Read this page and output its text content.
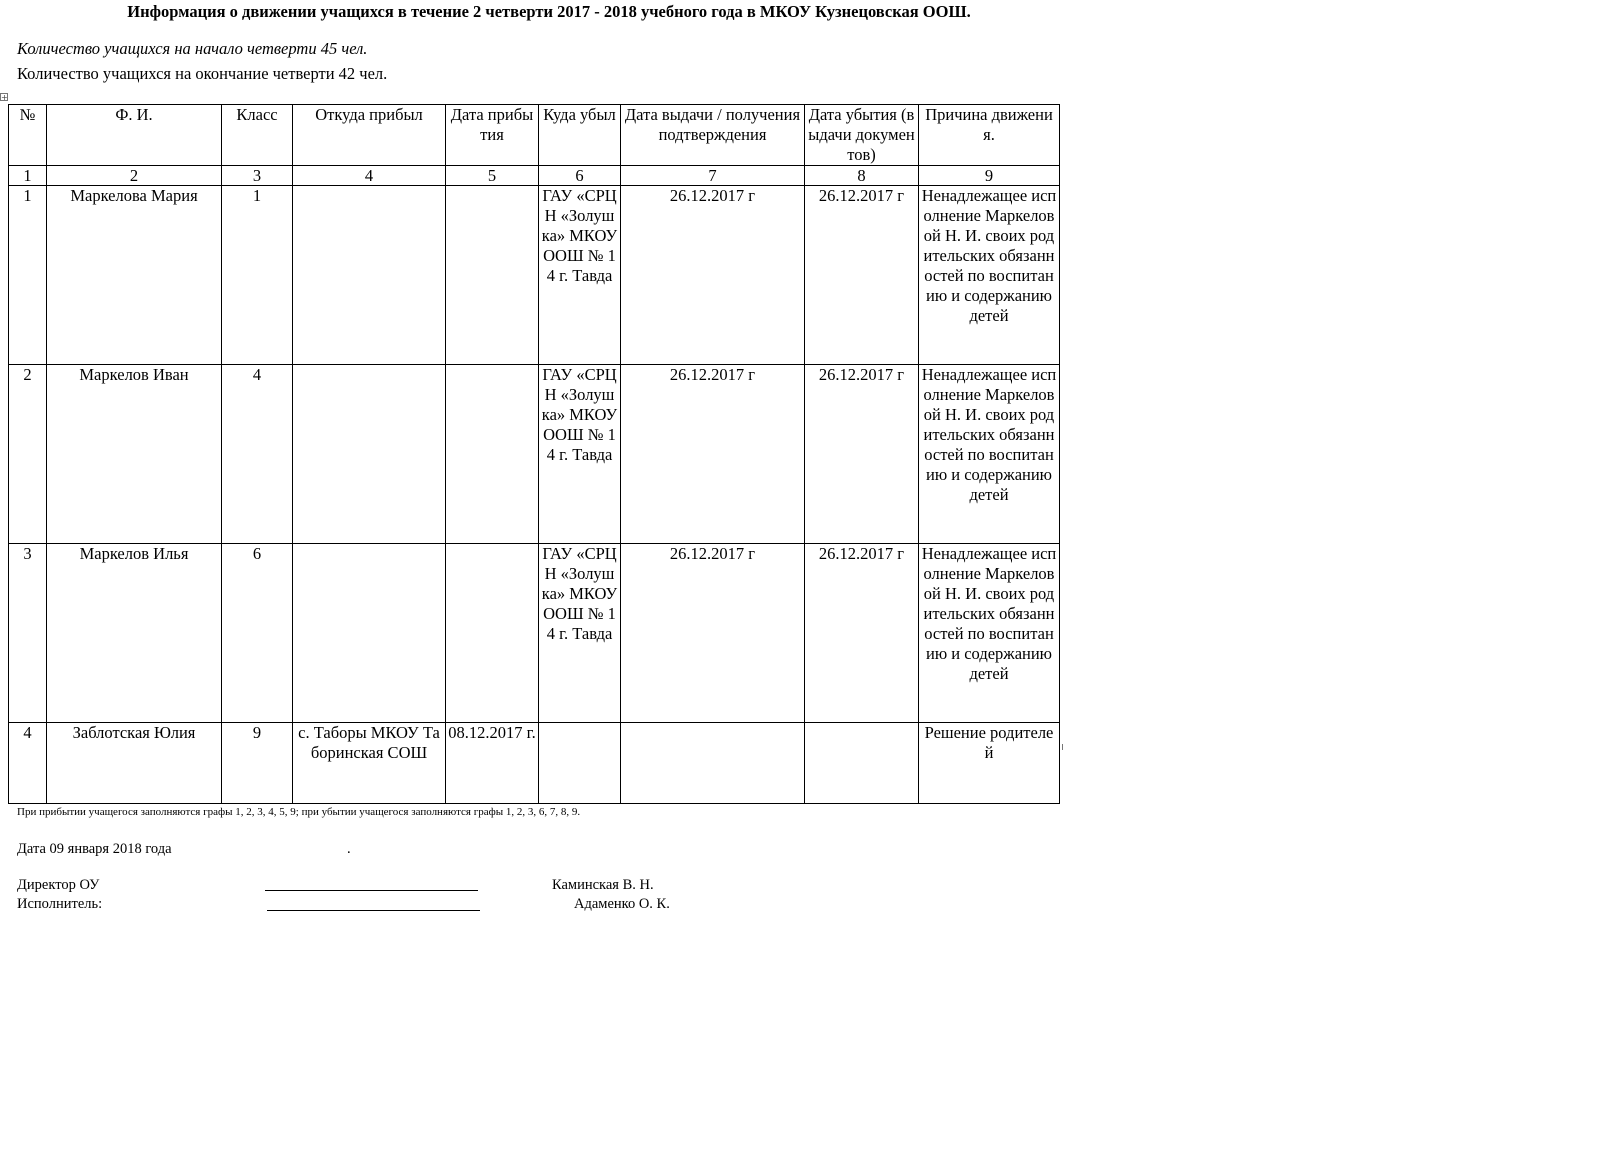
Информация о движении учащихся в течение 2 четверти 2017 - 2018 учебного года в МКОУ Кузнецовская ООШ.
Количество учащихся на начало четверти 45 чел.
Количество учащихся на окончание четверти 42 чел.
+
№	Ф. И.	Класс	Откуда прибыл	Дата прибытия	Куда убыл	Дата выдачи / получения подтверждения	Дата убытия (выдачи документов)	Причина движения.
1	2	3	4	5	6	7	8	9
1	Маркелова Мария	1			ГАУ «СРЦН «Золушка» МКОУ ООШ № 14 г. Тавда	26.12.2017 г	26.12.2017 г	Ненадлежащее исполнение Маркеловой Н. И. своих родительских обязанностей по воспитанию и содержанию детей
2	Маркелов Иван	4			ГАУ «СРЦН «Золушка» МКОУ ООШ № 14 г. Тавда	26.12.2017 г	26.12.2017 г	Ненадлежащее исполнение Маркеловой Н. И. своих родительских обязанностей по воспитанию и содержанию детей
3	Маркелов Илья	6			ГАУ «СРЦН «Золушка» МКОУ ООШ № 14 г. Тавда	26.12.2017 г	26.12.2017 г	Ненадлежащее исполнение Маркеловой Н. И. своих родительских обязанностей по воспитанию и содержанию детей
4	Заблотская Юлия	9	с. Таборы МКОУ Таборинская СОШ	08.12.2017 г.				Решение родителей
При прибытии учащегося заполняются графы 1, 2, 3, 4, 5, 9; при убытии учащегося заполняются графы 1, 2, 3, 6, 7, 8, 9.
Дата 09 января 2018 года	.
Директор ОУ	Каминская В. Н.
Исполнитель:	Адаменко О. К.
